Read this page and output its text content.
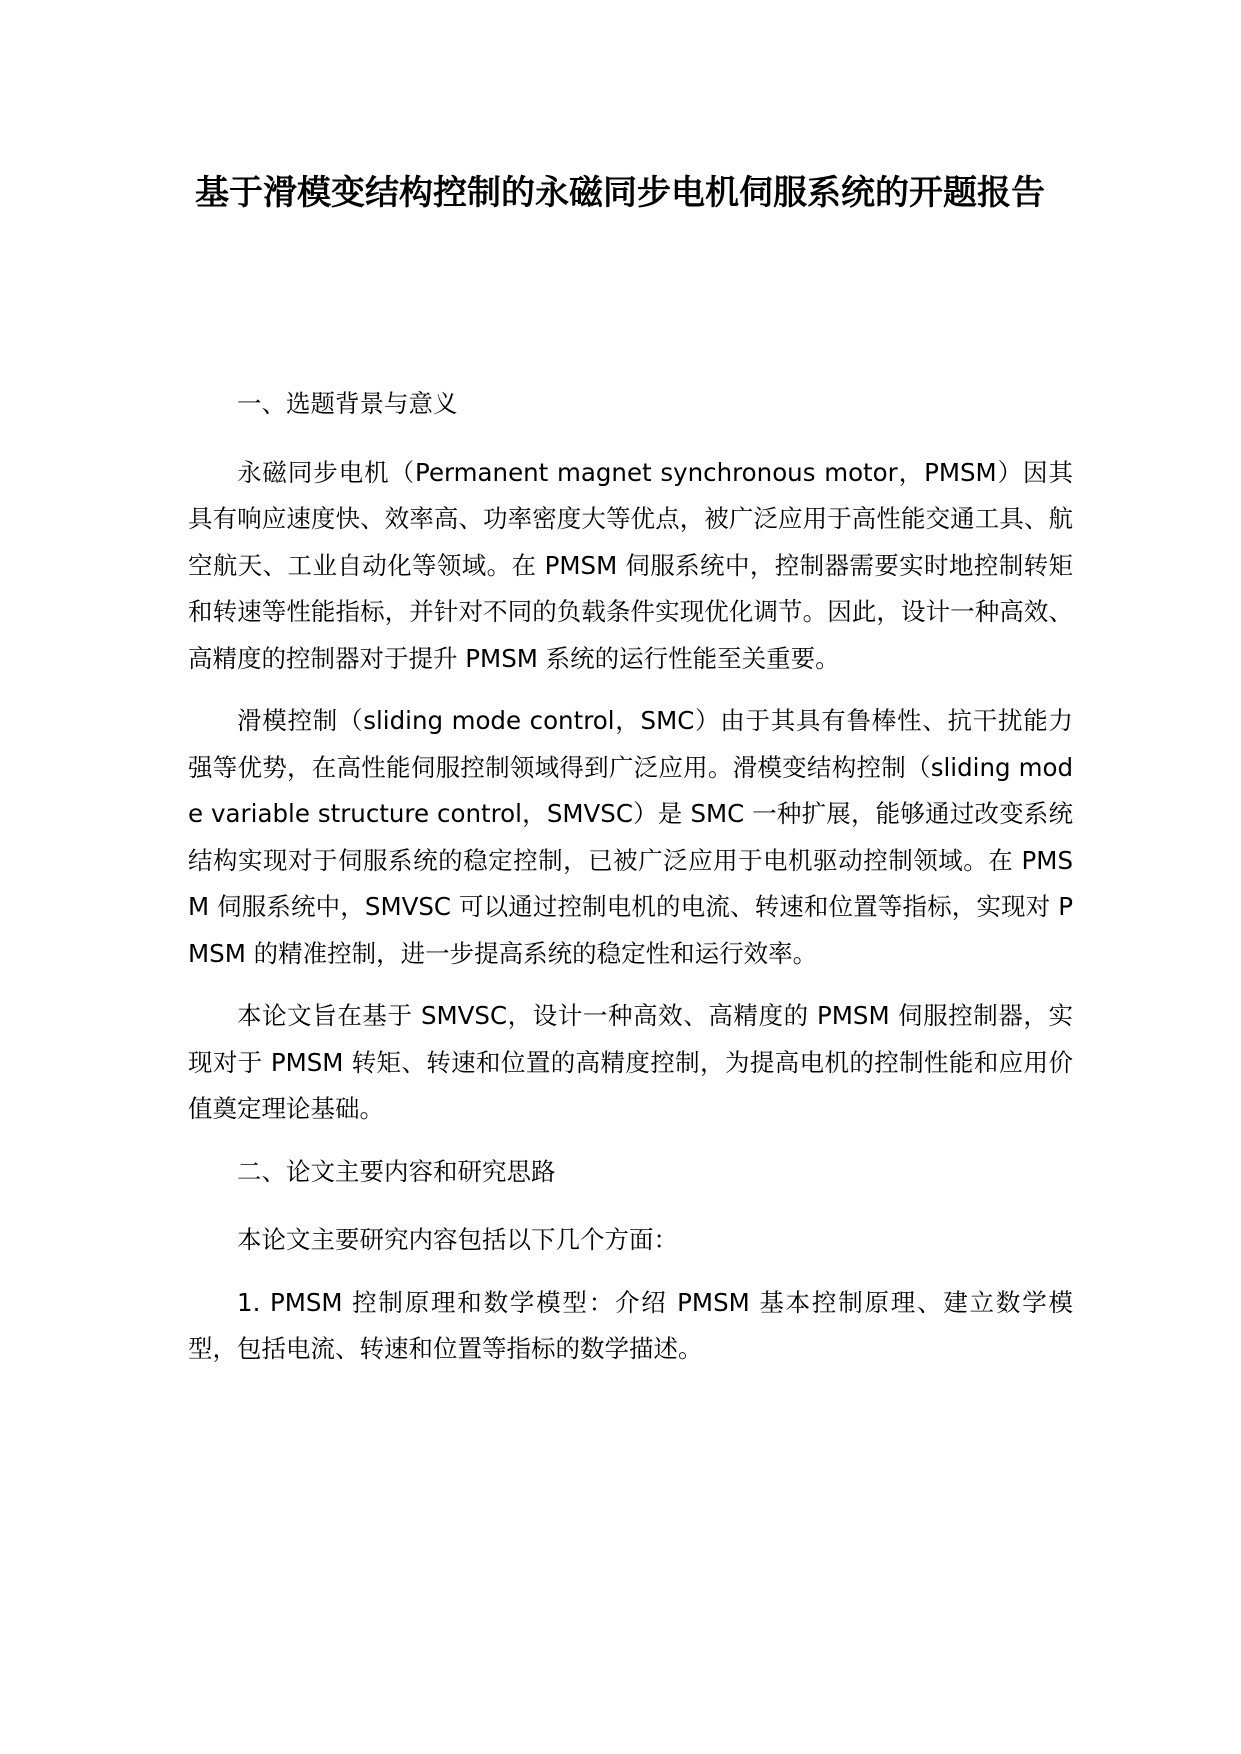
基于滑模变结构控制的永磁同步电机伺服系统的开题报告

一、选题背景与意义

永磁同步电机（Permanent magnet synchronous motor，PMSM）因其具有响应速度快、效率高、功率密度大等优点，被广泛应用于高性能交通工具、航空航天、工业自动化等领域。在 PMSM 伺服系统中，控制器需要实时地控制转矩和转速等性能指标，并针对不同的负载条件实现优化调节。因此，设计一种高效、高精度的控制器对于提升 PMSM 系统的运行性能至关重要。

滑模控制（sliding mode control，SMC）由于其具有鲁棒性、抗干扰能力强等优势，在高性能伺服控制领域得到广泛应用。滑模变结构控制（sliding mode variable structure control，SMVSC）是 SMC 一种扩展，能够通过改变系统结构实现对于伺服系统的稳定控制，已被广泛应用于电机驱动控制领域。在 PMSM 伺服系统中，SMVSC 可以通过控制电机的电流、转速和位置等指标，实现对 PMSM 的精准控制，进一步提高系统的稳定性和运行效率。

本论文旨在基于 SMVSC，设计一种高效、高精度的 PMSM 伺服控制器，实现对于 PMSM 转矩、转速和位置的高精度控制，为提高电机的控制性能和应用价值奠定理论基础。

二、论文主要内容和研究思路

本论文主要研究内容包括以下几个方面：

1. PMSM 控制原理和数学模型：介绍 PMSM 基本控制原理、建立数学模型，包括电流、转速和位置等指标的数学描述。
